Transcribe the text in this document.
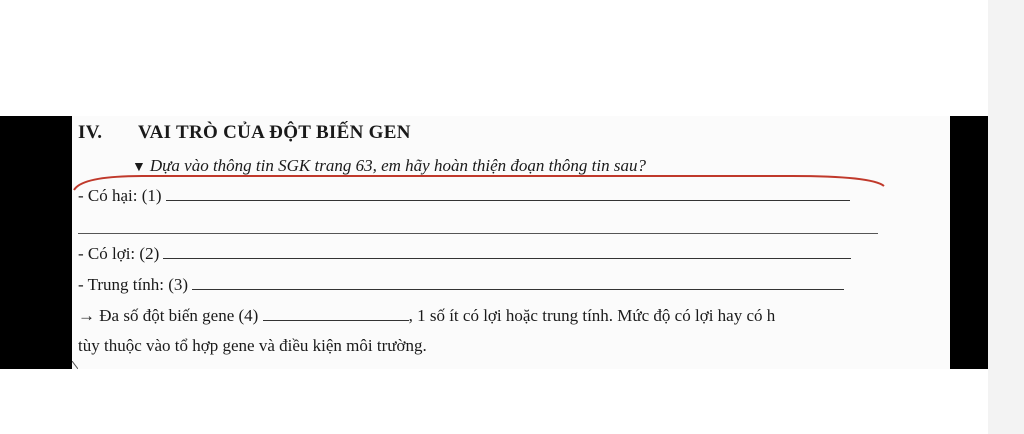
IV. VAI TRÒ CỦA ĐỘT BIẾN GEN
▼ Dựa vào thông tin SGK trang 63, em hãy hoàn thiện đoạn thông tin sau?
- Có hại: (1)
- Có lợi: (2)
- Trung tính: (3)
→ Đa số đột biến gene (4)	, 1 số ít có lợi hoặc trung tính. Mức độ có lợi hay có h
tùy thuộc vào tổ hợp gene và điều kiện môi trường.
